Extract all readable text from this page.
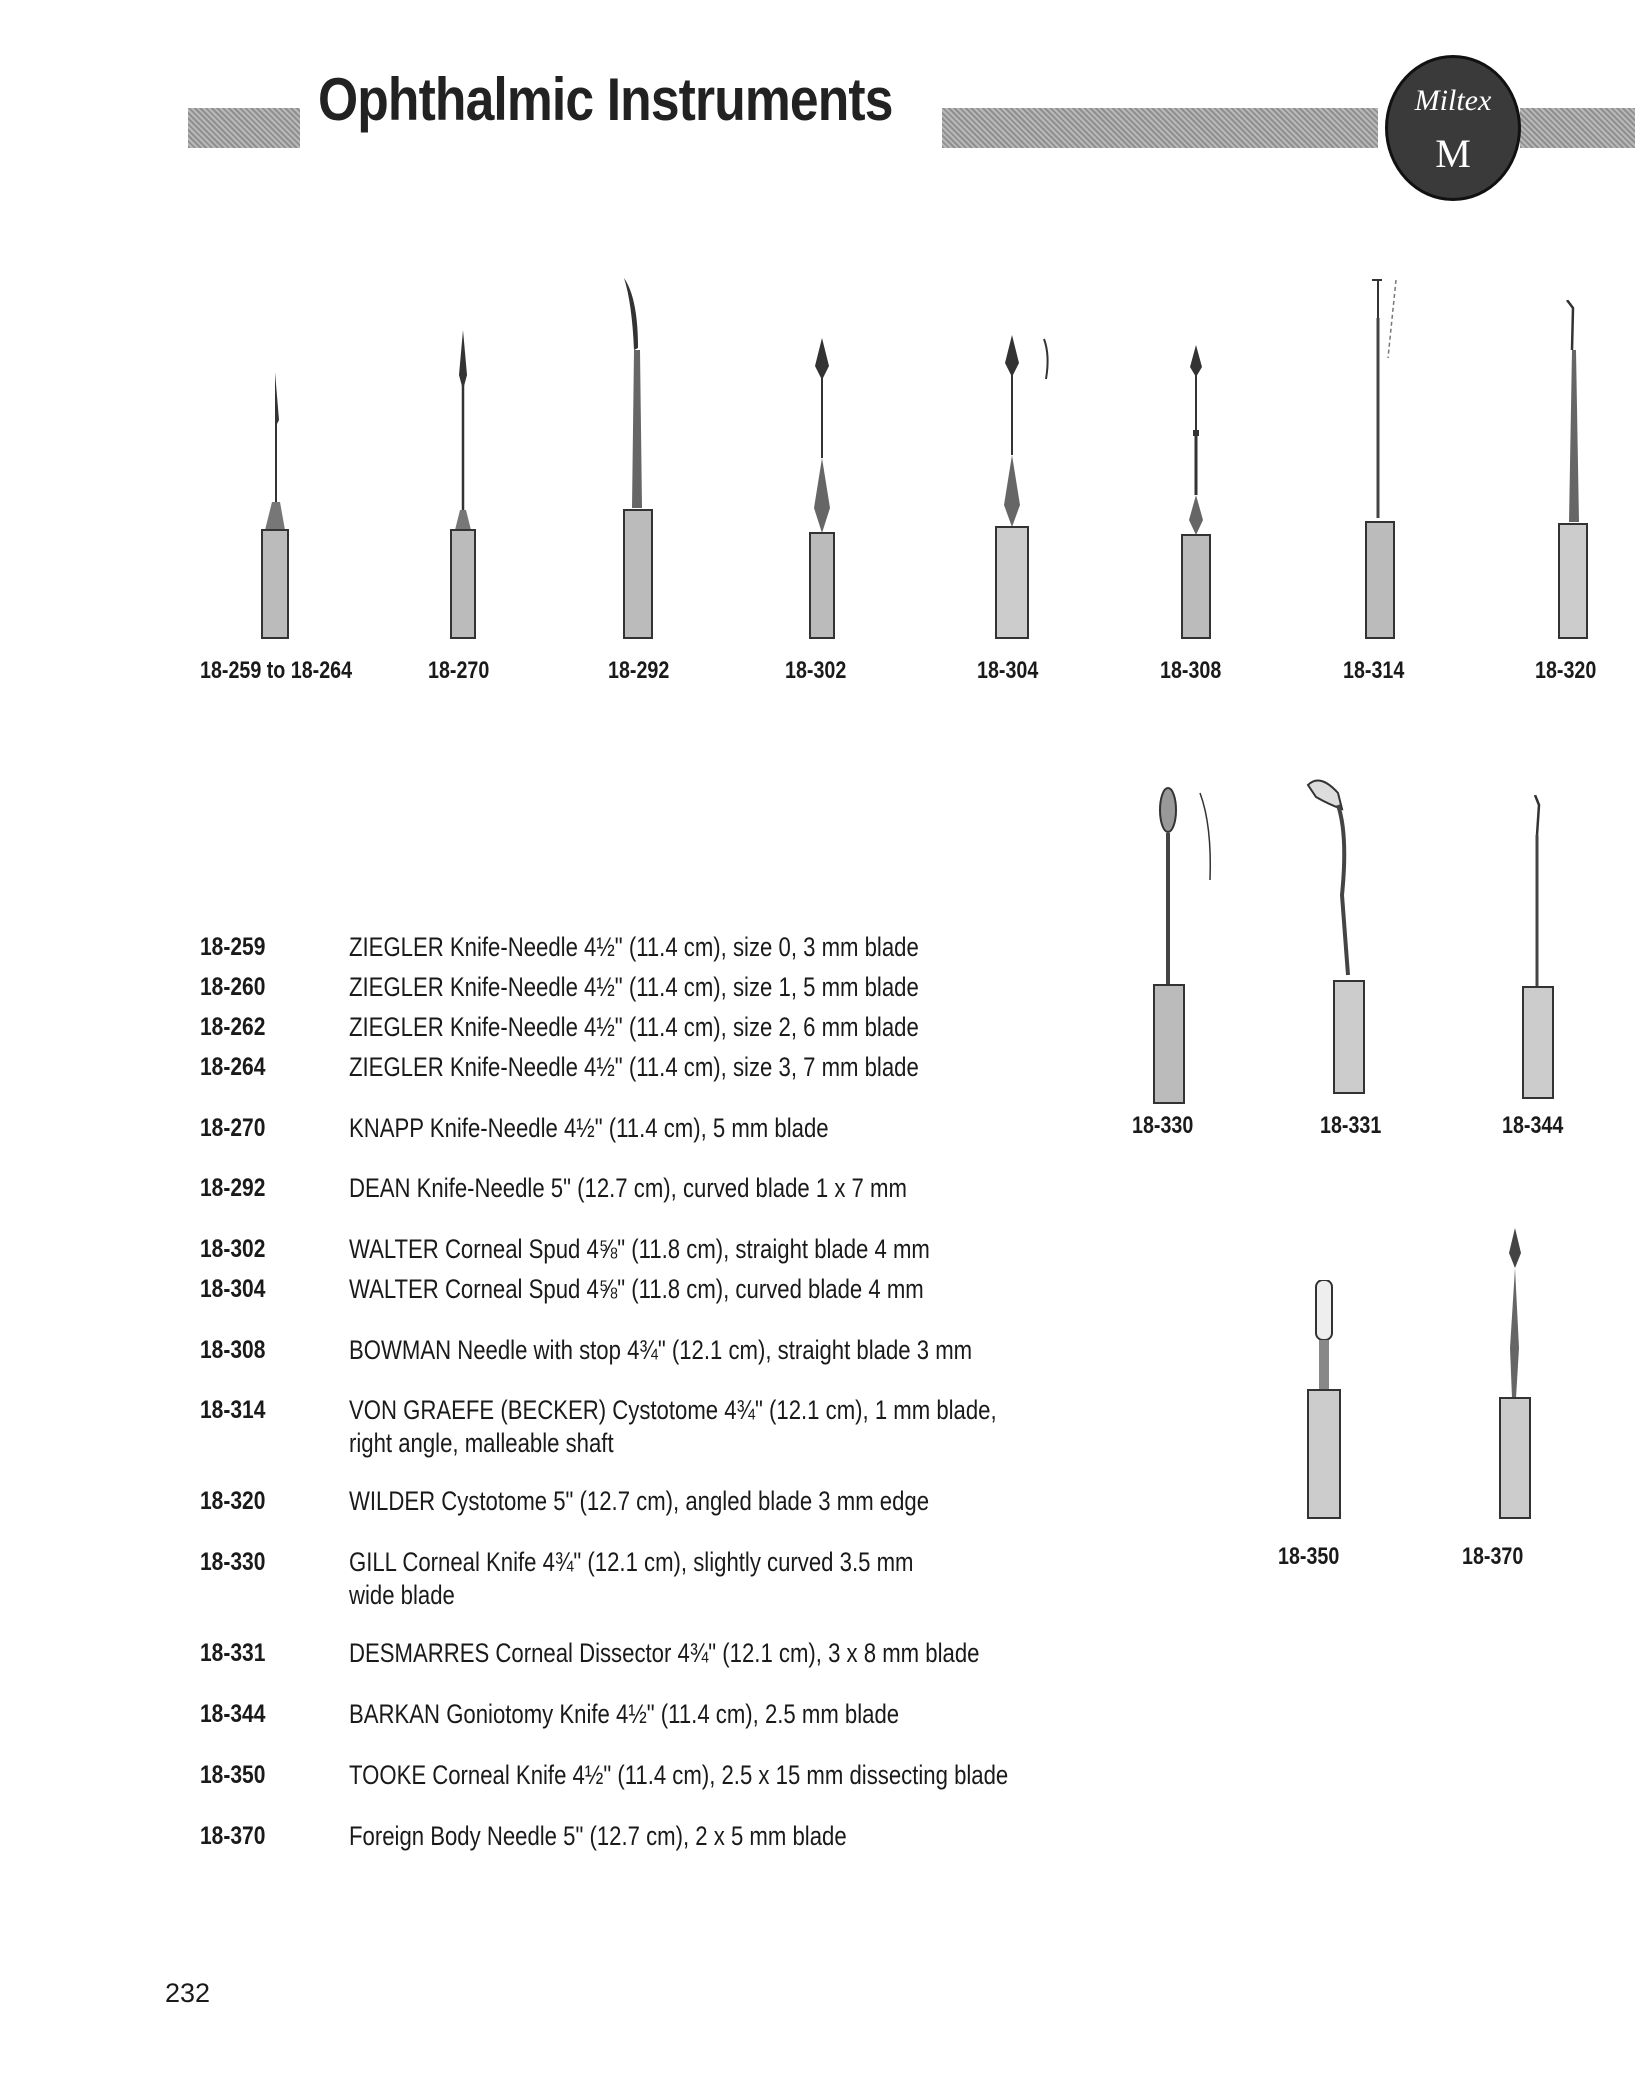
Ophthalmic Instruments	Miltex
M
18-259 to 18-264	18-270	18-292	18-302	18-304	18-308	18-314	18-320
18-330	18-331	18-344
18-350	18-370
18-259	ZIEGLER Knife-Needle 4½" (11.4 cm), size 0, 3 mm blade
18-260	ZIEGLER Knife-Needle 4½" (11.4 cm), size 1, 5 mm blade
18-262	ZIEGLER Knife-Needle 4½" (11.4 cm), size 2, 6 mm blade
18-264	ZIEGLER Knife-Needle 4½" (11.4 cm), size 3, 7 mm blade
18-270	KNAPP Knife-Needle 4½" (11.4 cm), 5 mm blade
18-292	DEAN Knife-Needle 5" (12.7 cm), curved blade 1 x 7 mm
18-302	WALTER Corneal Spud 4⅝" (11.8 cm), straight blade 4 mm
18-304	WALTER Corneal Spud 4⅝" (11.8 cm), curved blade 4 mm
18-308	BOWMAN Needle with stop 4¾" (12.1 cm), straight blade 3 mm
18-314	VON GRAEFE (BECKER) Cystotome 4¾" (12.1 cm), 1 mm blade,
right angle, malleable shaft
18-320	WILDER Cystotome 5" (12.7 cm), angled blade 3 mm edge
18-330	GILL Corneal Knife 4¾" (12.1 cm), slightly curved 3.5 mm
wide blade
18-331	DESMARRES Corneal Dissector 4¾" (12.1 cm), 3 x 8 mm blade
18-344	BARKAN Goniotomy Knife 4½" (11.4 cm), 2.5 mm blade
18-350	TOOKE Corneal Knife 4½" (11.4 cm), 2.5 x 15 mm dissecting blade
18-370	Foreign Body Needle 5" (12.7 cm), 2 x 5 mm blade
232
